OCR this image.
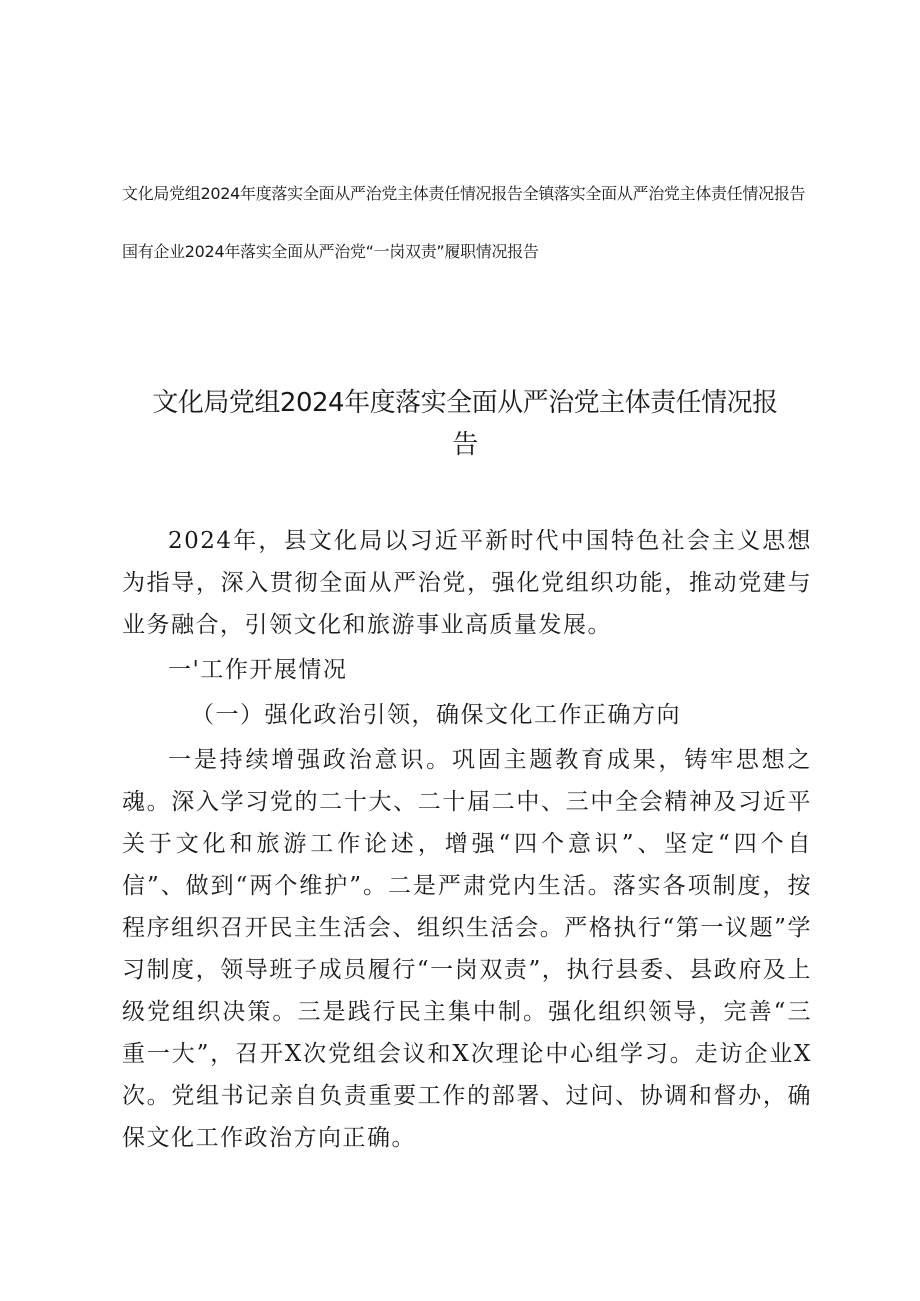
文化局党组2024年度落实全面从严治党主体责任情况报告全镇落实全面从严治党主体责任情况报告
国有企业2024年落实全面从严治党“一岗双责”履职情况报告
文化局党组2024年度落实全面从严治党主体责任情况报告

2024年，县文化局以习近平新时代中国特色社会主义思想为指导，深入贯彻全面从严治党，强化党组织功能，推动党建与业务融合，引领文化和旅游事业高质量发展。

一'工作开展情况

（一）强化政治引领，确保文化工作正确方向

一是持续增强政治意识。巩固主题教育成果，铸牢思想之魂。深入学习党的二十大、二十届二中、三中全会精神及习近平关于文化和旅游工作论述，增强“四个意识”、坚定“四个自信”、做到“两个维护”。二是严肃党内生活。落实各项制度，按程序组织召开民主生活会、组织生活会。严格执行“第一议题”学习制度，领导班子成员履行“一岗双责”，执行县委、县政府及上级党组织决策。三是践行民主集中制。强化组织领导，完善“三重一大”，召开X次党组会议和X次理论中心组学习。走访企业X次。党组书记亲自负责重要工作的部署、过问、协调和督办，确保文化工作政治方向正确。
